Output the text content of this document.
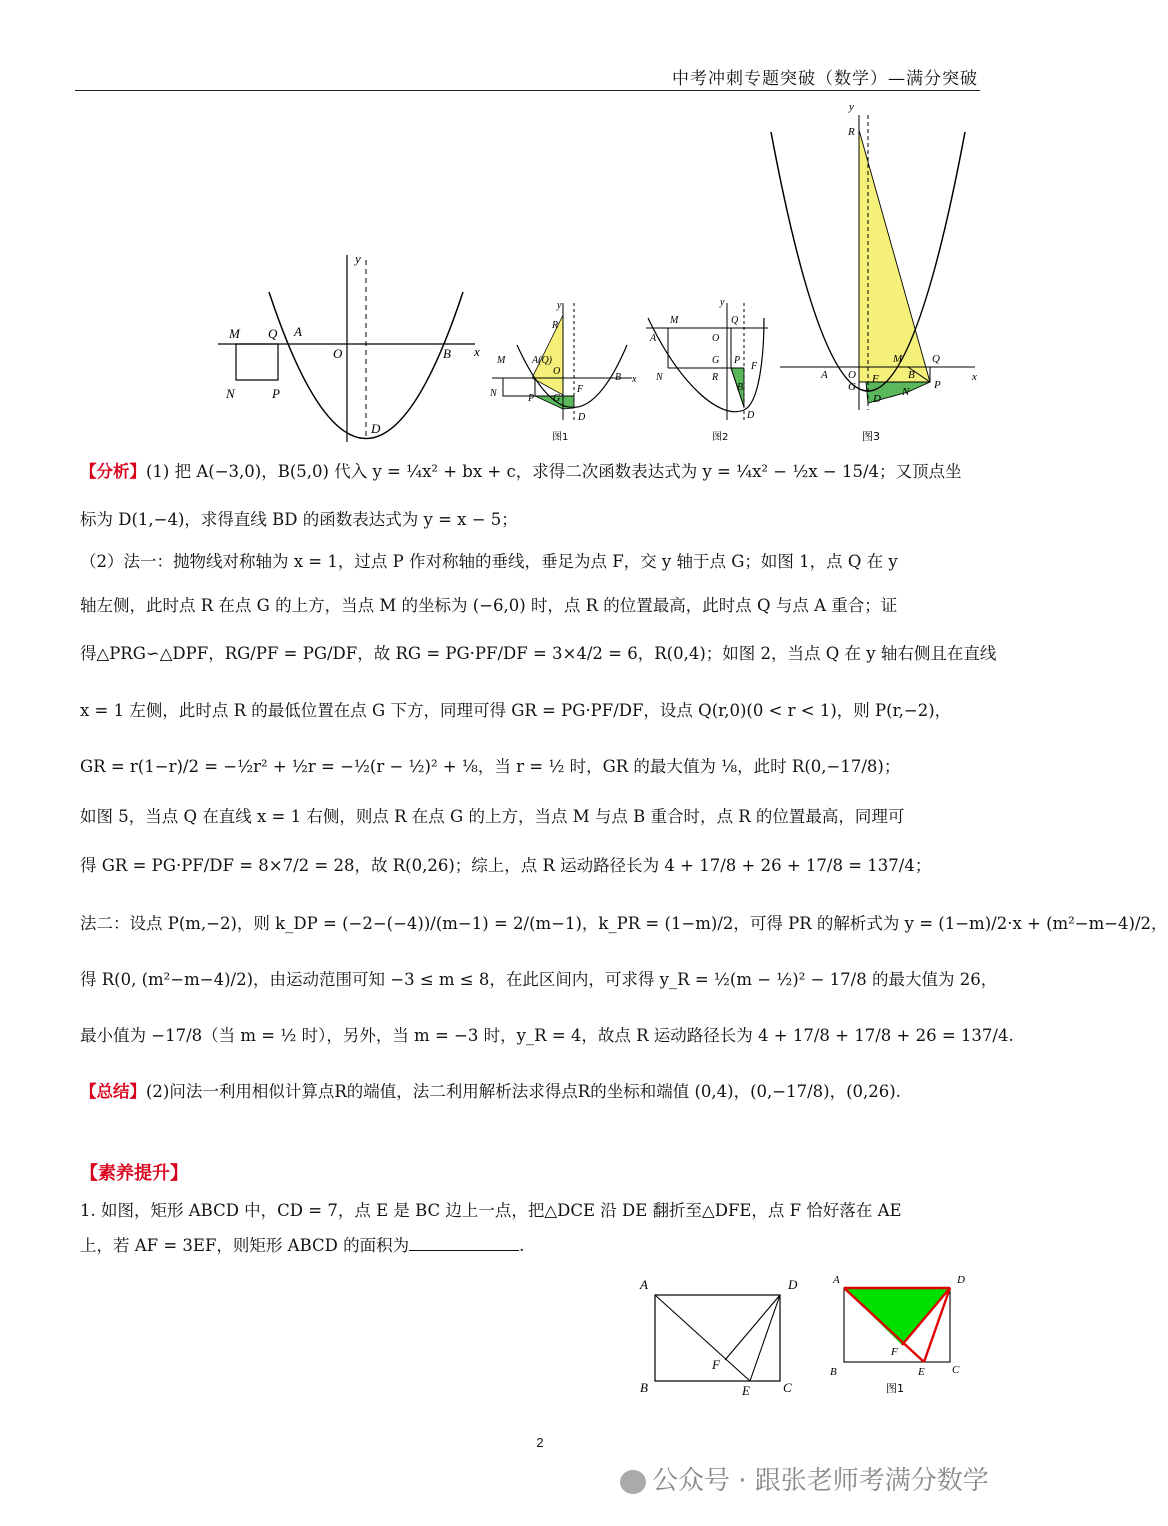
中考冲刺专题突破（数学）—满分突破
y
x
M Q A
O	B
N	P
D
y
R
M	A(Q)
O
N	P G
F
D
B x
图1
y
M
O
Q
A
G P
F
N	R
B
D
图2
y
R
M	Q
A O
G
F	B
N
P
D
x
图3
【分析】(1) 把 A(−3,0)，B(5,0) 代入 y = ¼x² + bx + c，求得二次函数表达式为 y = ¼x² − ½x − 15/4；又顶点坐
标为 D(1,−4)，求得直线 BD 的函数表达式为 y = x − 5；
（2）法一：抛物线对称轴为 x = 1，过点 P 作对称轴的垂线，垂足为点 F，交 y 轴于点 G；如图 1，点 Q 在 y
轴左侧，此时点 R 在点 G 的上方，当点 M 的坐标为 (−6,0) 时，点 R 的位置最高，此时点 Q 与点 A 重合；证
得△PRG∽△DPF，RG/PF = PG/DF，故 RG = PG·PF/DF = 3×4/2 = 6，R(0,4)；如图 2，当点 Q 在 y 轴右侧且在直线
x = 1 左侧，此时点 R 的最低位置在点 G 下方，同理可得 GR = PG·PF/DF，设点 Q(r,0)(0 < r < 1)，则 P(r,−2)，
GR = r(1−r)/2 = −½r² + ½r = −½(r − ½)² + ⅛，当 r = ½ 时，GR 的最大值为 ⅛，此时 R(0,−17/8)；
如图 5，当点 Q 在直线 x = 1 右侧，则点 R 在点 G 的上方，当点 M 与点 B 重合时，点 R 的位置最高，同理可
得 GR = PG·PF/DF = 8×7/2 = 28，故 R(0,26)；综上，点 R 运动路径长为 4 + 17/8 + 26 + 17/8 = 137/4；
法二：设点 P(m,−2)，则 k_DP = (−2−(−4))/(m−1) = 2/(m−1)，k_PR = (1−m)/2，可得 PR 的解析式为 y = (1−m)/2·x + (m²−m−4)/2，
得 R(0, (m²−m−4)/2)，由运动范围可知 −3 ≤ m ≤ 8，在此区间内，可求得 y_R = ½(m − ½)² − 17/8 的最大值为 26，
最小值为 −17/8（当 m = ½ 时），另外，当 m = −3 时，y_R = 4，故点 R 运动路径长为 4 + 17/8 + 17/8 + 26 = 137/4.
【总结】(2)问法一利用相似计算点R的端值，法二利用解析法求得点R的坐标和端值 (0,4)，(0,−17/8)，(0,26).
【素养提升】
1. 如图，矩形 ABCD 中，CD = 7，点 E 是 BC 边上一点，把△DCE 沿 DE 翻折至△DFE，点 F 恰好落在 AE
上，若 AF = 3EF，则矩形 ABCD 的面积为	.
A	D
F
B	E	C
A	D
F
B	E C
图1
2
公众号 · 跟张老师考满分数学
